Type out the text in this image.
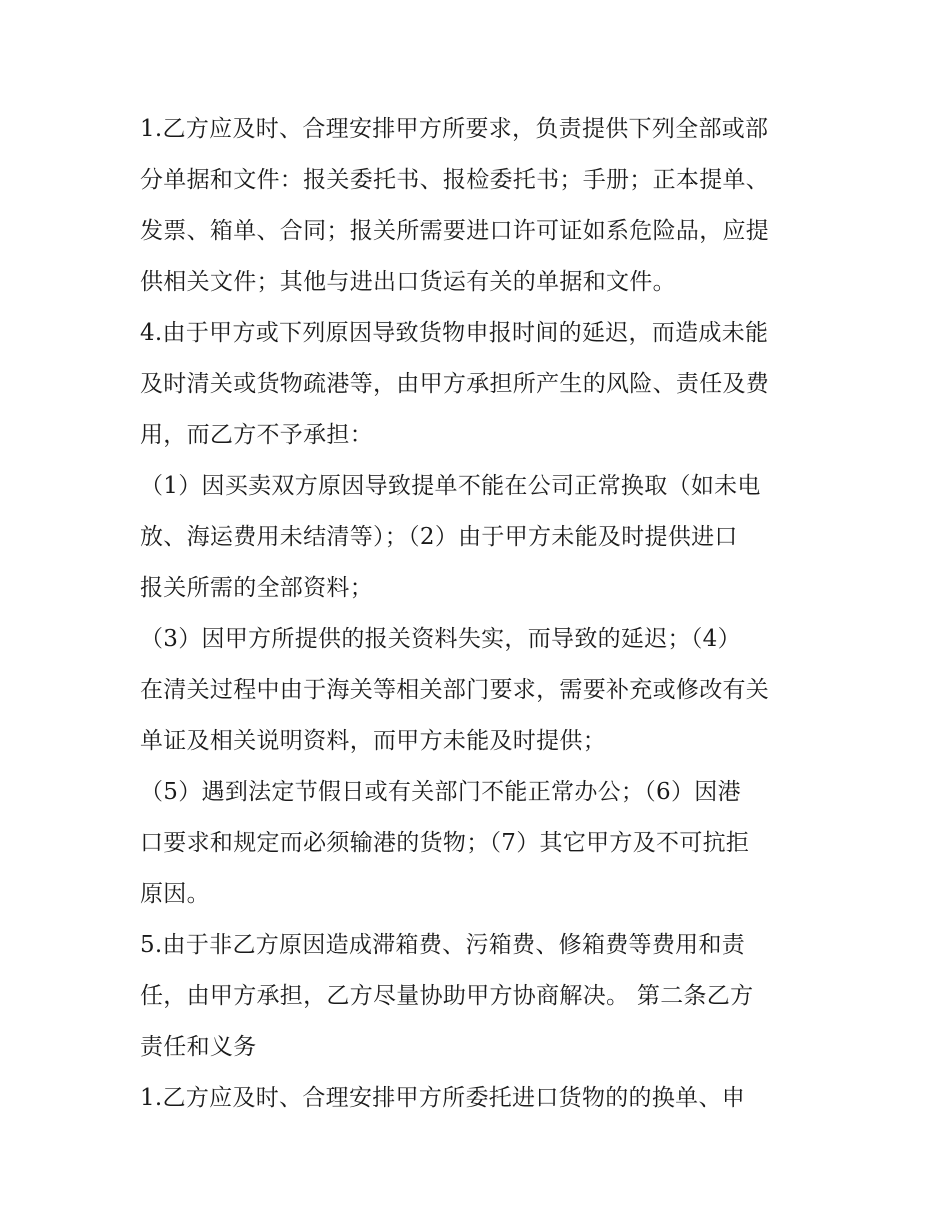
1.乙方应及时、合理安排甲方所要求，负责提供下列全部或部
分单据和文件：报关委托书、报检委托书；手册；正本提单、
发票、箱单、合同；报关所需要进口许可证如系危险品，应提
供相关文件；其他与进出口货运有关的单据和文件。
4.由于甲方或下列原因导致货物申报时间的延迟，而造成未能
及时清关或货物疏港等，由甲方承担所产生的风险、责任及费
用，而乙方不予承担：
（1）因买卖双方原因导致提单不能在公司正常换取（如未电
放、海运费用未结清等）；（2）由于甲方未能及时提供进口
报关所需的全部资料；
（3）因甲方所提供的报关资料失实，而导致的延迟；（4）
在清关过程中由于海关等相关部门要求，需要补充或修改有关
单证及相关说明资料，而甲方未能及时提供；
（5）遇到法定节假日或有关部门不能正常办公；（6）因港
口要求和规定而必须输港的货物；（7）其它甲方及不可抗拒
原因。
5.由于非乙方原因造成滞箱费、污箱费、修箱费等费用和责
任，由甲方承担，乙方尽量协助甲方协商解决。 第二条乙方
责任和义务
1.乙方应及时、合理安排甲方所委托进口货物的的换单、申
